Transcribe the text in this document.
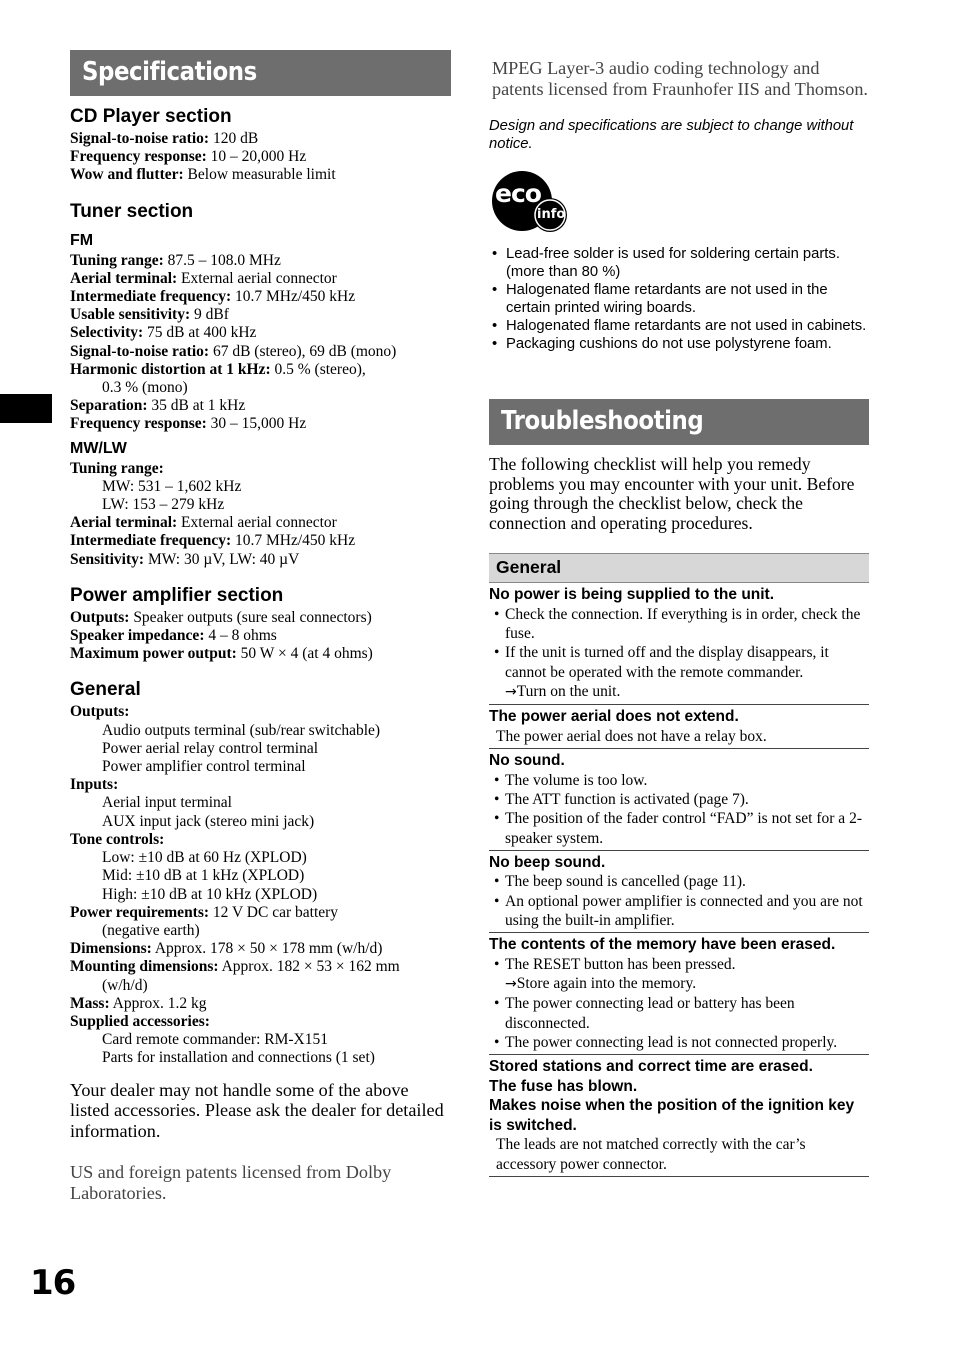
Specifications
CD Player section
Signal-to-noise ratio: 120 dB
Frequency response: 10 – 20,000 Hz
Wow and flutter: Below measurable limit
Tuner section
FM
Tuning range: 87.5 – 108.0 MHz
Aerial terminal: External aerial connector
Intermediate frequency: 10.7 MHz/450 kHz
Usable sensitivity: 9 dBf
Selectivity: 75 dB at 400 kHz
Signal-to-noise ratio: 67 dB (stereo), 69 dB (mono)
Harmonic distortion at 1 kHz: 0.5 % (stereo),
0.3 % (mono)
Separation: 35 dB at 1 kHz
Frequency response: 30 – 15,000 Hz
MW/LW
Tuning range:
MW: 531 – 1,602 kHz
LW: 153 – 279 kHz
Aerial terminal: External aerial connector
Intermediate frequency: 10.7 MHz/450 kHz
Sensitivity: MW: 30 µV, LW: 40 µV
Power amplifier section
Outputs: Speaker outputs (sure seal connectors)
Speaker impedance: 4 – 8 ohms
Maximum power output: 50 W × 4 (at 4 ohms)
General
Outputs:
Audio outputs terminal (sub/rear switchable)
Power aerial relay control terminal
Power amplifier control terminal
Inputs:
Aerial input terminal
AUX input jack (stereo mini jack)
Tone controls:
Low: ±10 dB at 60 Hz (XPLOD)
Mid: ±10 dB at 1 kHz (XPLOD)
High: ±10 dB at 10 kHz (XPLOD)
Power requirements: 12 V DC car battery
(negative earth)
Dimensions: Approx. 178 × 50 × 178 mm (w/h/d)
Mounting dimensions: Approx. 182 × 53 × 162 mm
(w/h/d)
Mass: Approx. 1.2 kg
Supplied accessories:
Card remote commander: RM-X151
Parts for installation and connections (1 set)

Your dealer may not handle some of the above listed accessories. Please ask the dealer for detailed information.

US and foreign patents licensed from Dolby Laboratories.

MPEG Layer-3 audio coding technology and patents licensed from Fraunhofer IIS and Thomson.

Design and specifications are subject to change without notice.

eco
info
• Lead-free solder is used for soldering certain parts. (more than 80 %)
• Halogenated flame retardants are not used in the certain printed wiring boards.
• Halogenated flame retardants are not used in cabinets.
• Packaging cushions do not use polystyrene foam.
Troubleshooting

The following checklist will help you remedy problems you may encounter with your unit. Before going through the checklist below, check the connection and operating procedures.

General
No power is being supplied to the unit.
• Check the connection. If everything is in order, check the fuse.
• If the unit is turned off and the display disappears, it cannot be operated with the remote commander.
→Turn on the unit.
The power aerial does not extend.
The power aerial does not have a relay box.
No sound.
• The volume is too low.
• The ATT function is activated (page 7).
• The position of the fader control “FAD” is not set for a 2-speaker system.
No beep sound.
• The beep sound is cancelled (page 11).
• An optional power amplifier is connected and you are not using the built-in amplifier.
The contents of the memory have been erased.
• The RESET button has been pressed.
→Store again into the memory.
• The power connecting lead or battery has been disconnected.
• The power connecting lead is not connected properly.
Stored stations and correct time are erased.
The fuse has blown.
Makes noise when the position of the ignition key is switched.
The leads are not matched correctly with the car’s accessory power connector.
16
